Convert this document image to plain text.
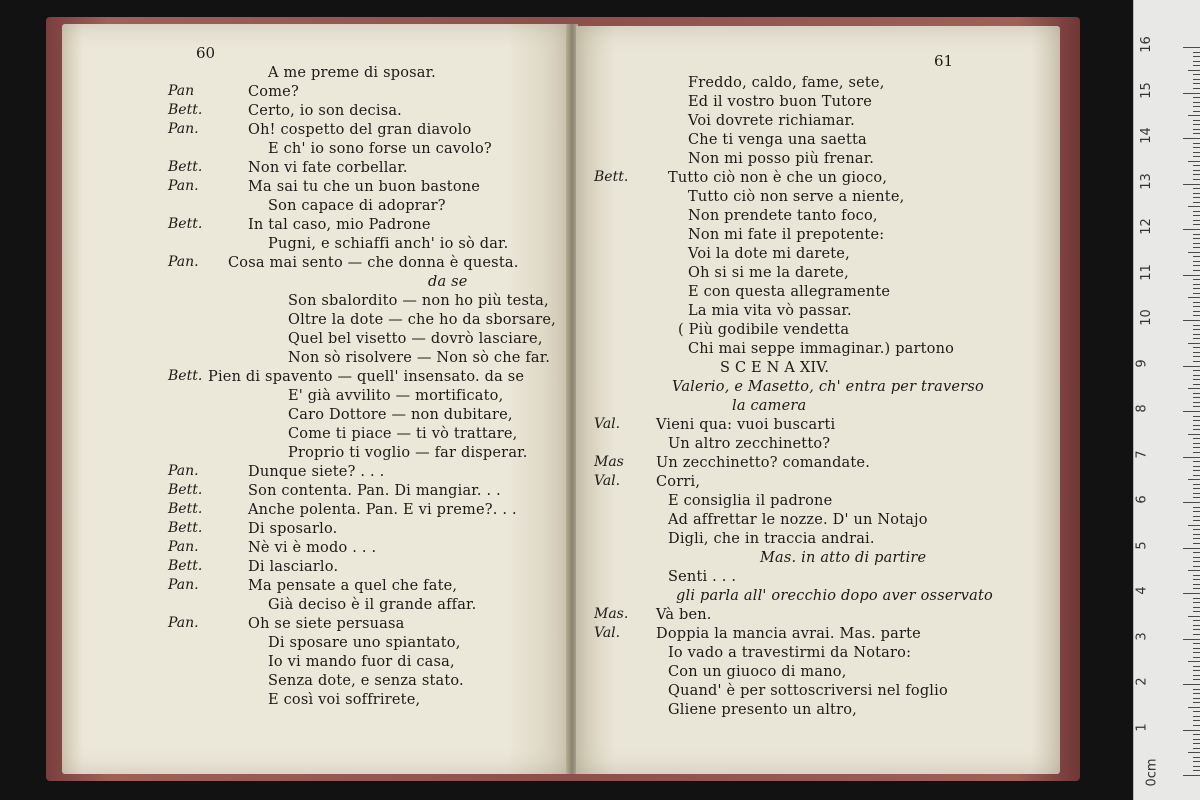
60
A me preme di sposar.
Pan	Come?
Bett.	Certo, io son decisa.
Pan.	Oh! cospetto del gran diavolo
E ch' io sono forse un cavolo?
Bett.	Non vi fate corbellar.
Pan.	Ma sai tu che un buon bastone
Son capace di adoprar?
Bett.	In tal caso, mio Padrone
Pugni, e schiaffi anch' io sò dar.
Pan. Cosa mai sento — che donna è questa.
da se
Son sbalordito — non ho più testa,
Oltre la dote — che ho da sborsare,
Quel bel visetto — dovrò lasciare,
Non sò risolvere — Non sò che far.
Bett. Pien di spavento — quell' insensato. da se
E' già avvilito — mortificato,
Caro Dottore — non dubitare,
Come ti piace — ti vò trattare,
Proprio ti voglio — far disperar.
Pan.	Dunque siete? . . .
Bett.	Son contenta. Pan. Di mangiar. . .
Bett.	Anche polenta. Pan. E vi preme?. . .
Bett.	Di sposarlo.
Pan.	Nè vi è modo . . .
Bett.	Di lasciarlo.
Pan.	Ma pensate a quel che fate,
Già deciso è il grande affar.
Pan.	Oh se siete persuasa
Di sposare uno spiantato,
Io vi mando fuor di casa,
Senza dote, e senza stato.
E così voi soffrirete,
61
Freddo, caldo, fame, sete,
Ed il vostro buon Tutore
Voi dovrete richiamar.
Che ti venga una saetta
Non mi posso più frenar.
Bett.	Tutto ciò non è che un gioco,
Tutto ciò non serve a niente,
Non prendete tanto foco,
Non mi fate il prepotente:
Voi la dote mi darete,
Oh si si me la darete,
E con questa allegramente
La mia vita vò passar.
( Più godibile vendetta
Chi mai seppe immaginar.) partono
S C E N A XIV.
Valerio, e Masetto, ch' entra per traverso
la camera
Val. Vieni qua: vuoi buscarti
Un altro zecchinetto?
Mas Un zecchinetto? comandate.
Val. Corri,
E consiglia il padrone
Ad affrettar le nozze. D' un Notajo
Digli, che in traccia andrai.
Mas. in atto di partire
Senti . . .
gli parla all' orecchio dopo aver osservato
Mas. Và ben.
Val. Doppia la mancia avrai. Mas. parte
Io vado a travestirmi da Notaro:
Con un giuoco di mano,
Quand' è per sottoscriversi nel foglio
Gliene presento un altro,
0cm
1
2
3
4
5
6
7
8
9
10
11
12
13
14
15
16
